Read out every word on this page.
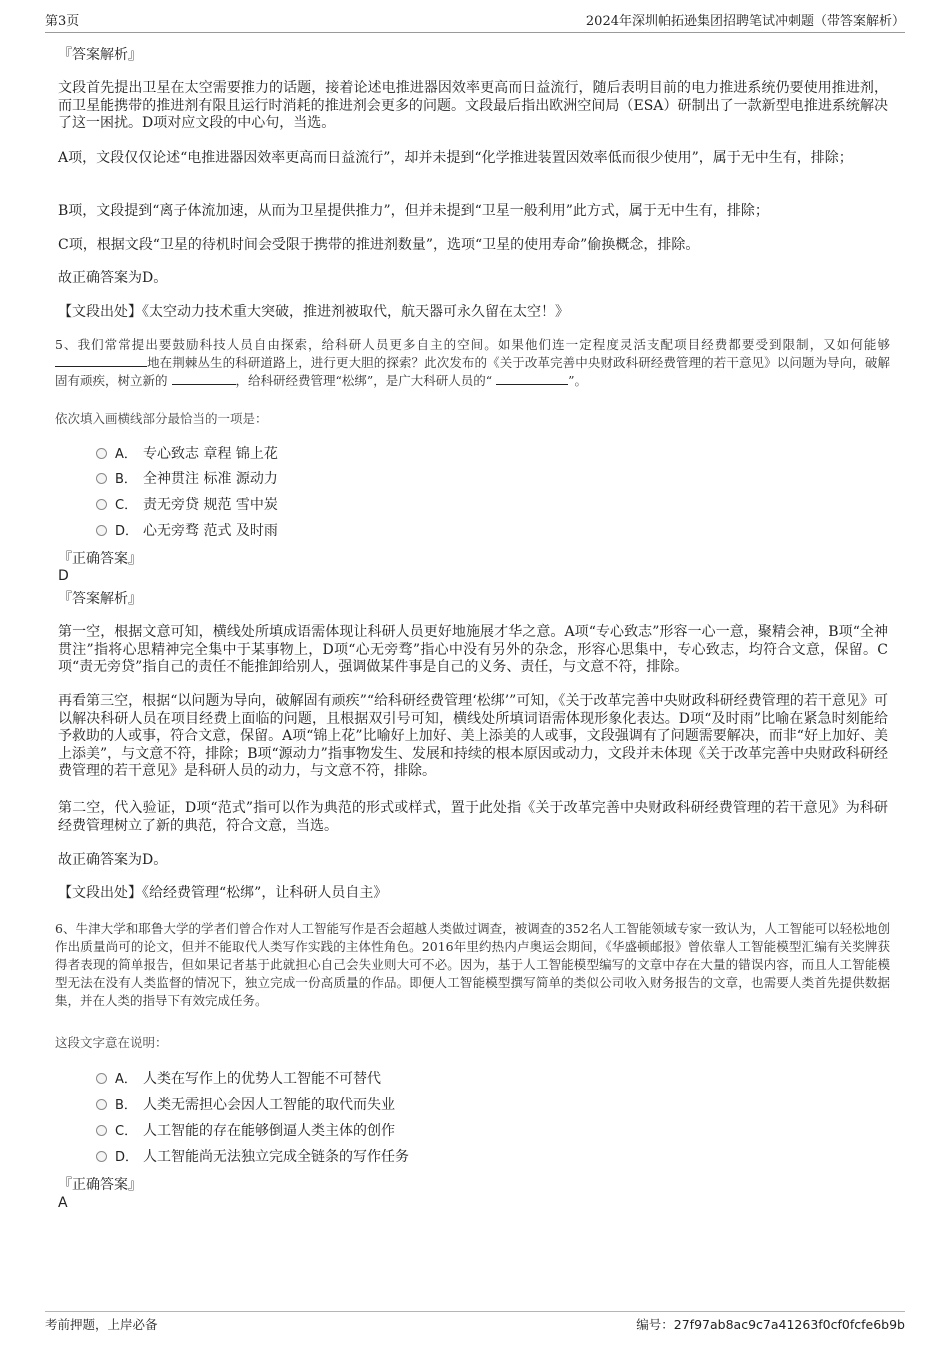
第3页	2024年深圳帕拓逊集团招聘笔试冲刺题（带答案解析）
『答案解析』
文段首先提出卫星在太空需要推力的话题，接着论述电推进器因效率更高而日益流行，随后表明目前的电力推进系统仍要使用推进剂，而卫星能携带的推进剂有限且运行时消耗的推进剂会更多的问题。文段最后指出欧洲空间局（ESA）研制出了一款新型电推进系统解决了这一困扰。D项对应文段的中心句，当选。
A项，文段仅仅论述“电推进器因效率更高而日益流行”，却并未提到“化学推进装置因效率低而很少使用”，属于无中生有，排除；
B项，文段提到“离子体流加速，从而为卫星提供推力”，但并未提到“卫星一般利用”此方式，属于无中生有，排除；
C项，根据文段“卫星的待机时间会受限于携带的推进剂数量”，选项“卫星的使用寿命”偷换概念，排除。
故正确答案为D。
【文段出处】《太空动力技术重大突破，推进剂被取代，航天器可永久留在太空！》
5、我们常常提出要鼓励科技人员自由探索，给科研人员更多自主的空间。如果他们连一定程度灵活支配项目经费都要受到限制，又如何能够地在荆棘丛生的科研道路上，进行更大胆的探索？此次发布的《关于改革完善中央财政科研经费管理的若干意见》以问题为导向，破解固有顽疾，树立新的	，给科研经费管理“松绑”，是广大科研人员的“	”。
依次填入画横线部分最恰当的一项是：
A． 专心致志 章程 锦上花
B． 全神贯注 标准 源动力
C． 责无旁贷 规范 雪中炭
D． 心无旁骛 范式 及时雨
『正确答案』
D
『答案解析』
第一空，根据文意可知，横线处所填成语需体现让科研人员更好地施展才华之意。A项“专心致志”形容一心一意，聚精会神，B项“全神贯注”指将心思精神完全集中于某事物上，D项“心无旁骛”指心中没有另外的杂念，形容心思集中，专心致志，均符合文意，保留。C项“责无旁贷”指自己的责任不能推卸给别人，强调做某件事是自己的义务、责任，与文意不符，排除。
再看第三空，根据“以问题为导向，破解固有顽疾”“给科研经费管理‘松绑’”可知，《关于改革完善中央财政科研经费管理的若干意见》可以解决科研人员在项目经费上面临的问题，且根据双引号可知，横线处所填词语需体现形象化表达。D项“及时雨”比喻在紧急时刻能给予救助的人或事，符合文意，保留。A项“锦上花”比喻好上加好、美上添美的人或事，文段强调有了问题需要解决，而非“好上加好、美上添美”，与文意不符，排除；B项“源动力”指事物发生、发展和持续的根本原因或动力，文段并未体现《关于改革完善中央财政科研经费管理的若干意见》是科研人员的动力，与文意不符，排除。
第二空，代入验证，D项“范式”指可以作为典范的形式或样式，置于此处指《关于改革完善中央财政科研经费管理的若干意见》为科研经费管理树立了新的典范，符合文意，当选。
故正确答案为D。
【文段出处】《给经费管理“松绑”，让科研人员自主》
6、牛津大学和耶鲁大学的学者们曾合作对人工智能写作是否会超越人类做过调查，被调查的352名人工智能领域专家一致认为，人工智能可以轻松地创作出质量尚可的论文，但并不能取代人类写作实践的主体性角色。2016年里约热内卢奥运会期间，《华盛顿邮报》曾依靠人工智能模型汇编有关奖牌获得者表现的简单报告，但如果记者基于此就担心自己会失业则大可不必。因为，基于人工智能模型编写的文章中存在大量的错误内容，而且人工智能模型无法在没有人类监督的情况下，独立完成一份高质量的作品。即便人工智能模型撰写简单的类似公司收入财务报告的文章，也需要人类首先提供数据集，并在人类的指导下有效完成任务。
这段文字意在说明：
A． 人类在写作上的优势人工智能不可替代
B． 人类无需担心会因人工智能的取代而失业
C． 人工智能的存在能够倒逼人类主体的创作
D． 人工智能尚无法独立完成全链条的写作任务
『正确答案』
A
考前押题，上岸必备	编号：27f97ab8ac9c7a41263f0cf0fcfe6b9b
